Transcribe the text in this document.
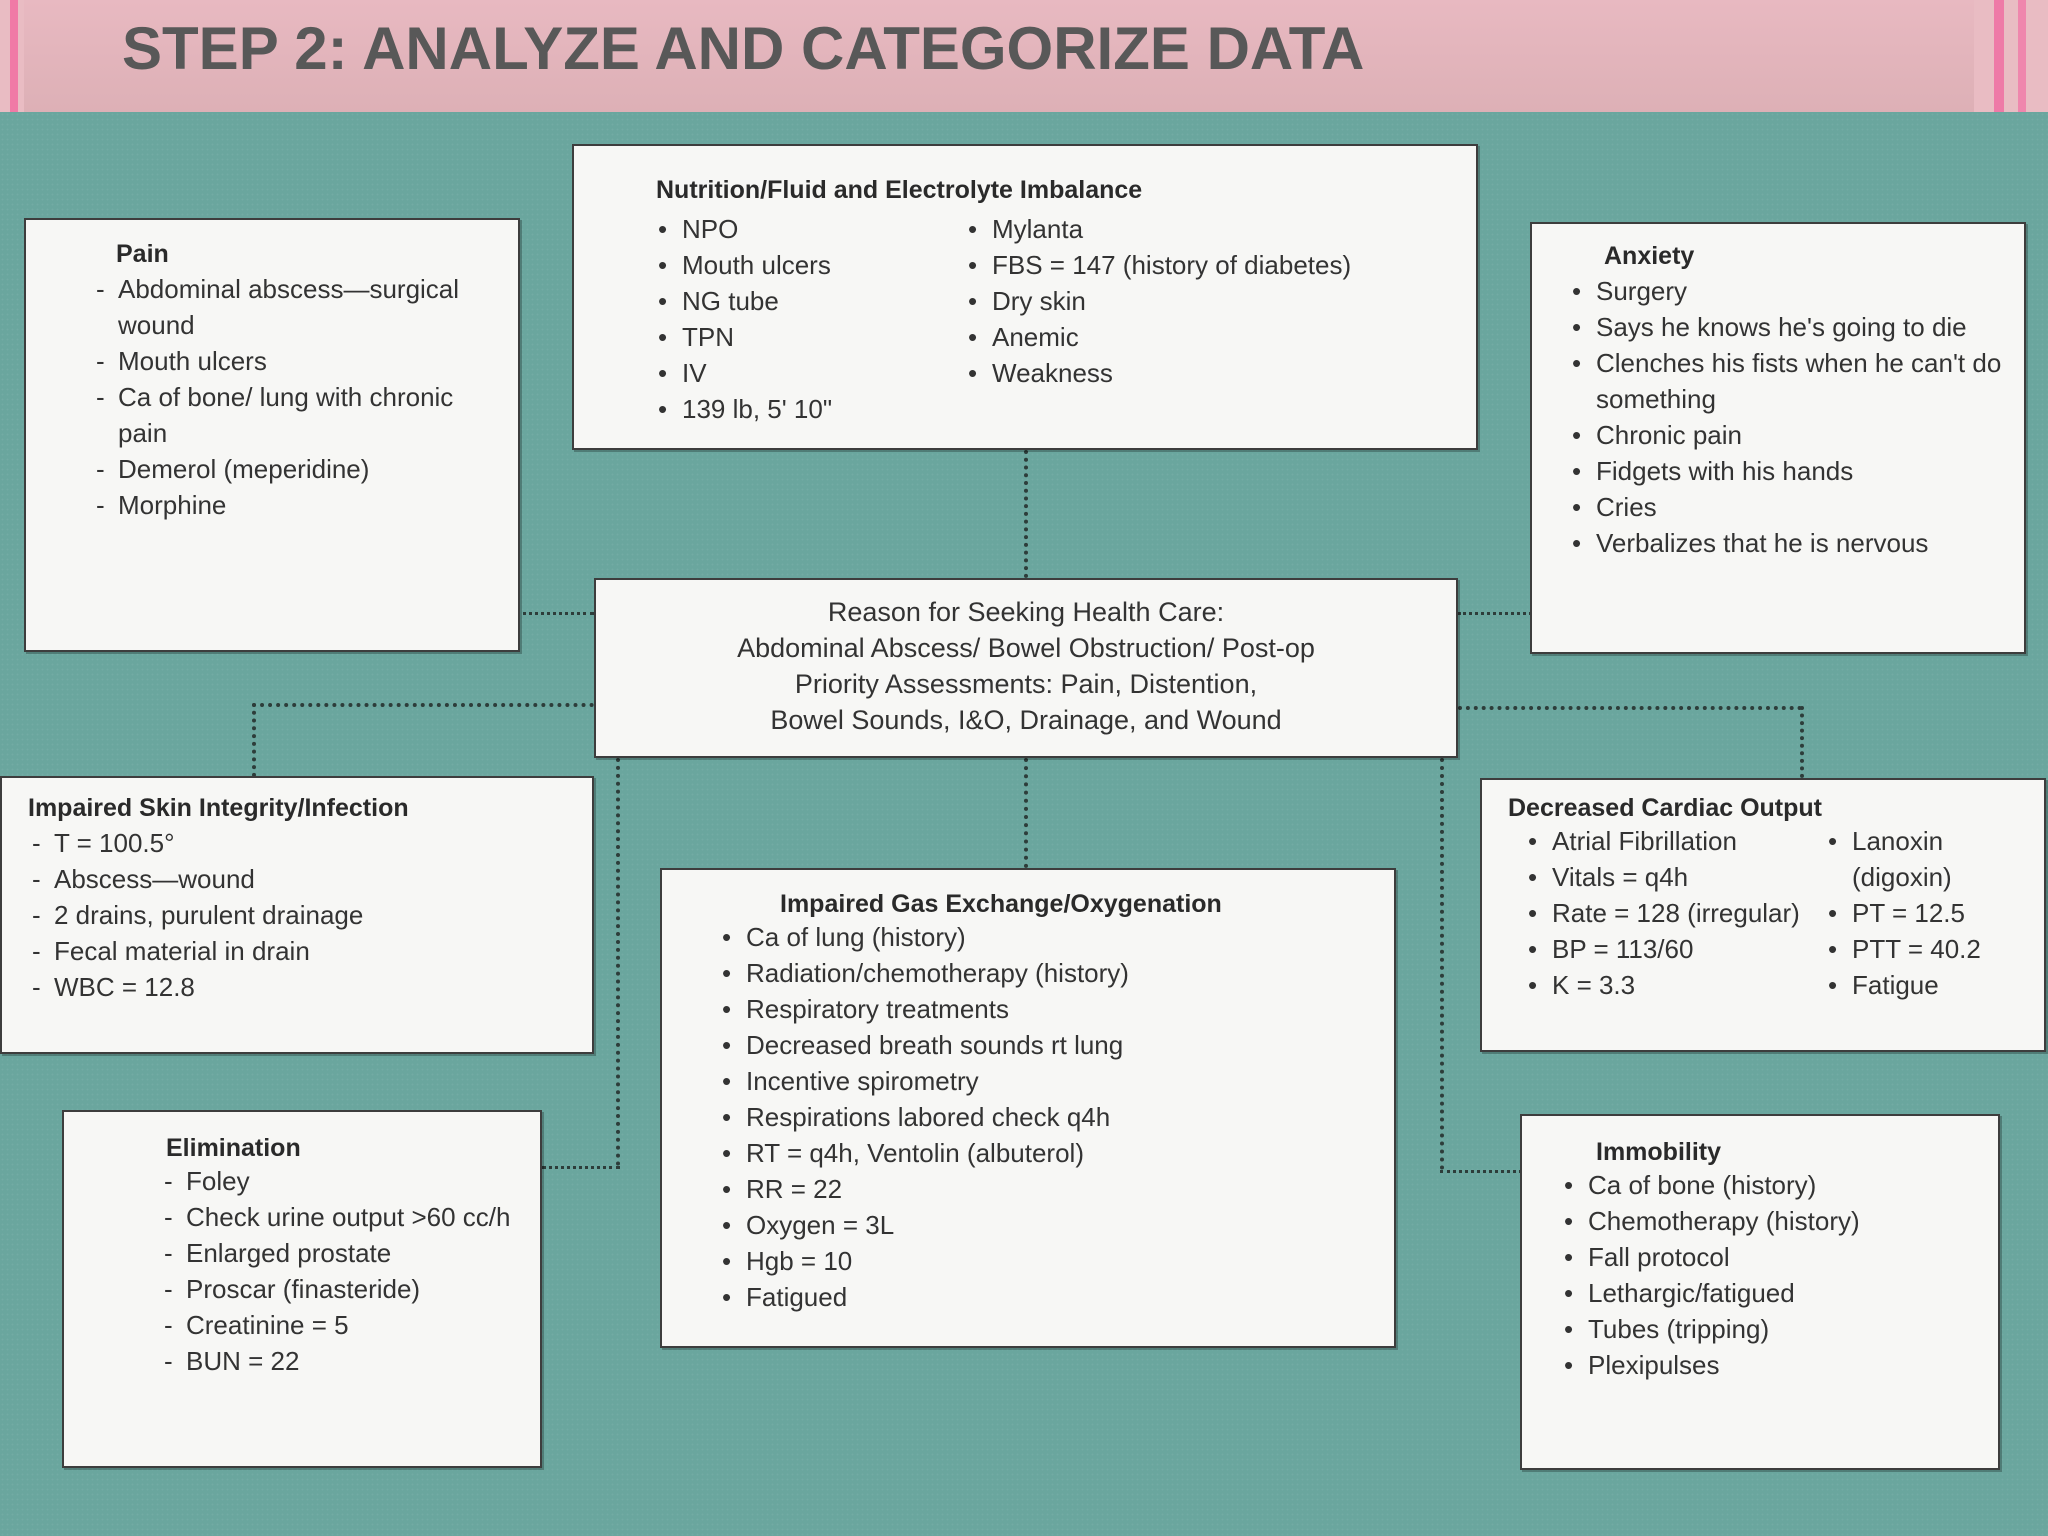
STEP 2: ANALYZE AND CATEGORIZE DATA
Nutrition/Fluid and Electrolyte Imbalance
• NPO
• Mouth ulcers
• NG tube
• TPN
• IV
• 139 lb, 5' 10"
• Mylanta
• FBS = 147 (history of diabetes)
• Dry skin
• Anemic
• Weakness
Pain
- Abdominal abscess—surgical wound
- Mouth ulcers
- Ca of bone/ lung with chronic pain
- Demerol (meperidine)
- Morphine
Anxiety
• Surgery
• Says he knows he's going to die
• Clenches his fists when he can't do something
• Chronic pain
• Fidgets with his hands
• Cries
• Verbalizes that he is nervous
Reason for Seeking Health Care:
Abdominal Abscess/ Bowel Obstruction/ Post-op
Priority Assessments: Pain, Distention,
Bowel Sounds, I&O, Drainage, and Wound
Impaired Skin Integrity/Infection
- T = 100.5°
- Abscess—wound
- 2 drains, purulent drainage
- Fecal material in drain
- WBC = 12.8
Decreased Cardiac Output
• Atrial Fibrillation
• Vitals = q4h
• Rate = 128 (irregular)
• BP = 113/60
• K = 3.3
• Lanoxin (digoxin)
• PT = 12.5
• PTT = 40.2
• Fatigue
Impaired Gas Exchange/Oxygenation
• Ca of lung (history)
• Radiation/chemotherapy (history)
• Respiratory treatments
• Decreased breath sounds rt lung
• Incentive spirometry
• Respirations labored check q4h
• RT = q4h, Ventolin (albuterol)
• RR = 22
• Oxygen = 3L
• Hgb = 10
• Fatigued
Elimination
- Foley
- Check urine output >60 cc/h
- Enlarged prostate
- Proscar (finasteride)
- Creatinine = 5
- BUN = 22
Immobility
• Ca of bone (history)
• Chemotherapy (history)
• Fall protocol
• Lethargic/fatigued
• Tubes (tripping)
• Plexipulses
